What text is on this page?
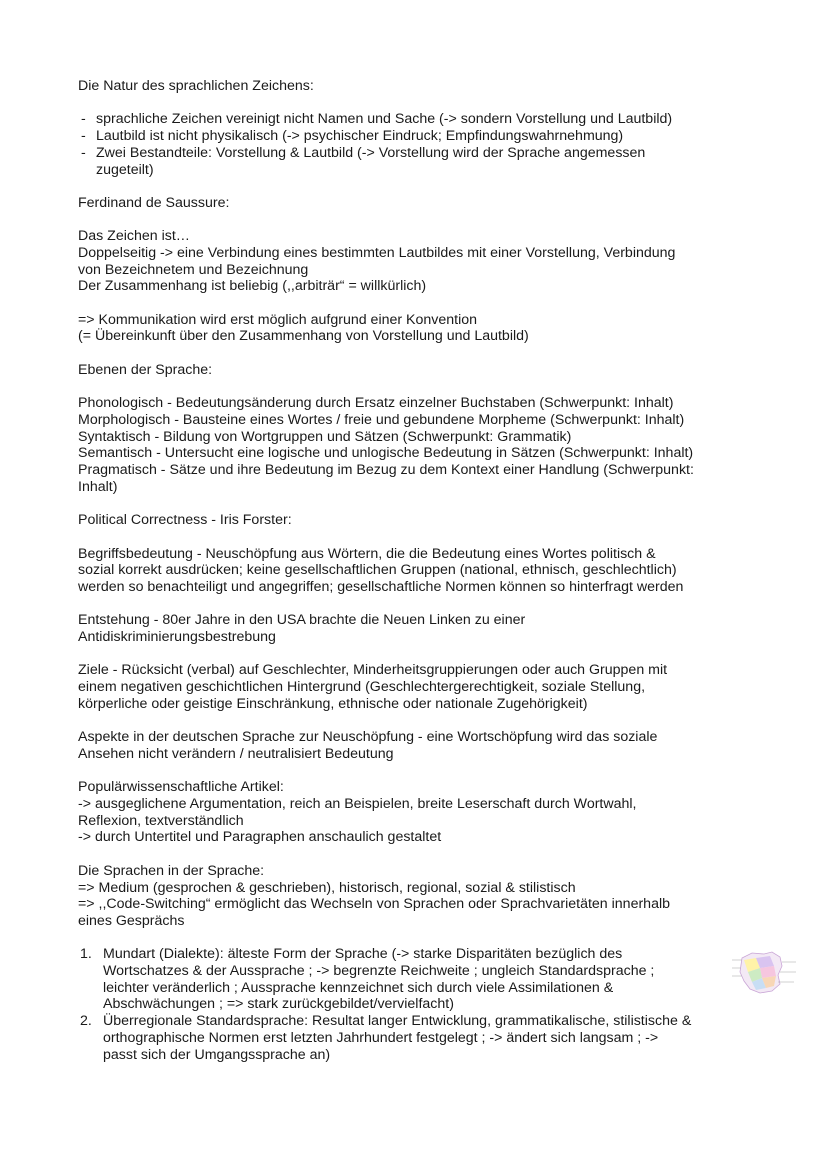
Die Natur des sprachlichen Zeichens:

- sprachliche Zeichen vereinigt nicht Namen und Sache (-> sondern Vorstellung und Lautbild)
- Lautbild ist nicht physikalisch (-> psychischer Eindruck; Empfindungswahrnehmung)
- Zwei Bestandteile: Vorstellung & Lautbild (-> Vorstellung wird der Sprache angemessen
zugeteilt)

Ferdinand de Saussure:

Das Zeichen ist…
Doppelseitig -> eine Verbindung eines bestimmten Lautbildes mit einer Vorstellung, Verbindung
von Bezeichnetem und Bezeichnung
Der Zusammenhang ist beliebig (,,arbiträr“ = willkürlich)
=> Kommunikation wird erst möglich aufgrund einer Konvention
(= Übereinkunft über den Zusammenhang von Vorstellung und Lautbild)

Ebenen der Sprache:

Phonologisch - Bedeutungsänderung durch Ersatz einzelner Buchstaben (Schwerpunkt: Inhalt)
Morphologisch - Bausteine eines Wortes / freie und gebundene Morpheme (Schwerpunkt: Inhalt)
Syntaktisch - Bildung von Wortgruppen und Sätzen (Schwerpunkt: Grammatik)
Semantisch - Untersucht eine logische und unlogische Bedeutung in Sätzen (Schwerpunkt: Inhalt)
Pragmatisch - Sätze und ihre Bedeutung im Bezug zu dem Kontext einer Handlung (Schwerpunkt:
Inhalt)

Political Correctness - Iris Forster:

Begriffsbedeutung - Neuschöpfung aus Wörtern, die die Bedeutung eines Wortes politisch &
sozial korrekt ausdrücken; keine gesellschaftlichen Gruppen (national, ethnisch, geschlechtlich)
werden so benachteiligt und angegriffen; gesellschaftliche Normen können so hinterfragt werden
Entstehung - 80er Jahre in den USA brachte die Neuen Linken zu einer
Antidiskriminierungsbestrebung
Ziele - Rücksicht (verbal) auf Geschlechter, Minderheitsgruppierungen oder auch Gruppen mit
einem negativen geschichtlichen Hintergrund (Geschlechtergerechtigkeit, soziale Stellung,
körperliche oder geistige Einschränkung, ethnische oder nationale Zugehörigkeit)
Aspekte in der deutschen Sprache zur Neuschöpfung - eine Wortschöpfung wird das soziale
Ansehen nicht verändern / neutralisiert Bedeutung
Populärwissenschaftliche Artikel:
-> ausgeglichene Argumentation, reich an Beispielen, breite Leserschaft durch Wortwahl,
Reflexion, textverständlich
-> durch Untertitel und Paragraphen anschaulich gestaltet
Die Sprachen in der Sprache:
=> Medium (gesprochen & geschrieben), historisch, regional, sozial & stilistisch
=> ,,Code-Switching“ ermöglicht das Wechseln von Sprachen oder Sprachvarietäten innerhalb
eines Gesprächs
1. Mundart (Dialekte): älteste Form der Sprache (-> starke Disparitäten bezüglich des
Wortschatzes & der Aussprache ; -> begrenzte Reichweite ; ungleich Standardsprache ;
leichter veränderlich ; Aussprache kennzeichnet sich durch viele Assimilationen &
Abschwächungen ; => stark zurückgebildet/vervielfacht)
2. Überregionale Standardsprache: Resultat langer Entwicklung, grammatikalische, stilistische &
orthographische Normen erst letzten Jahrhundert festgelegt ; -> ändert sich langsam ; ->
passt sich der Umgangssprache an)
